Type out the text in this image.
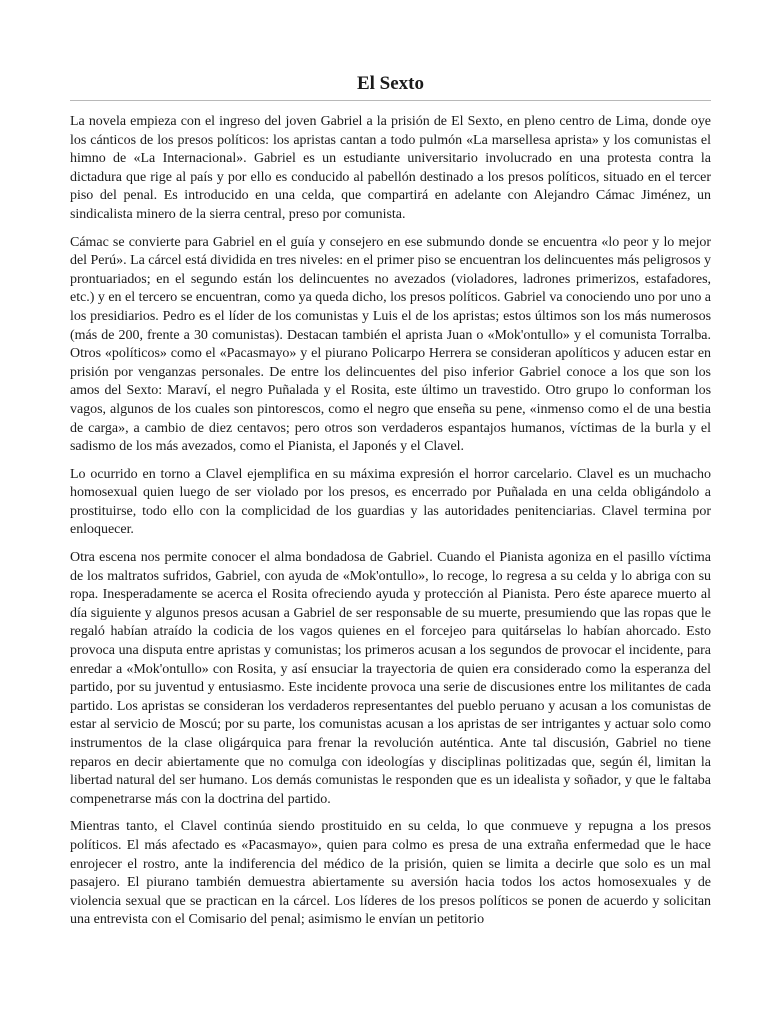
El Sexto

La novela empieza con el ingreso del joven Gabriel a la prisión de El Sexto, en pleno centro de Lima, donde oye los cánticos de los presos políticos: los apristas cantan a todo pulmón «La marsellesa aprista» y los comunistas el himno de «La Internacional». Gabriel es un estudiante universitario involucrado en una protesta contra la dictadura que rige al país y por ello es conducido al pabellón destinado a los presos políticos, situado en el tercer piso del penal. Es introducido en una celda, que compartirá en adelante con Alejandro Cámac Jiménez, un sindicalista minero de la sierra central, preso por comunista.

Cámac se convierte para Gabriel en el guía y consejero en ese submundo donde se encuentra «lo peor y lo mejor del Perú». La cárcel está dividida en tres niveles: en el primer piso se encuentran los delincuentes más peligrosos y prontuariados; en el segundo están los delincuentes no avezados (violadores, ladrones primerizos, estafadores, etc.) y en el tercero se encuentran, como ya queda dicho, los presos políticos. Gabriel va conociendo uno por uno a los presidiarios. Pedro es el líder de los comunistas y Luis el de los apristas; estos últimos son los más numerosos (más de 200, frente a 30 comunistas). Destacan también el aprista Juan o «Mok'ontullo» y el comunista Torralba. Otros «políticos» como el «Pacasmayo» y el piurano Policarpo Herrera se consideran apolíticos y aducen estar en prisión por venganzas personales. De entre los delincuentes del piso inferior Gabriel conoce a los que son los amos del Sexto: Maraví, el negro Puñalada y el Rosita, este último un travestido. Otro grupo lo conforman los vagos, algunos de los cuales son pintorescos, como el negro que enseña su pene, «inmenso como el de una bestia de carga», a cambio de diez centavos; pero otros son verdaderos espantajos humanos, víctimas de la burla y el sadismo de los más avezados, como el Pianista, el Japonés y el Clavel.

Lo ocurrido en torno a Clavel ejemplifica en su máxima expresión el horror carcelario. Clavel es un muchacho homosexual quien luego de ser violado por los presos, es encerrado por Puñalada en una celda obligándolo a prostituirse, todo ello con la complicidad de los guardias y las autoridades penitenciarias. Clavel termina por enloquecer.

Otra escena nos permite conocer el alma bondadosa de Gabriel. Cuando el Pianista agoniza en el pasillo víctima de los maltratos sufridos, Gabriel, con ayuda de «Mok'ontullo», lo recoge, lo regresa a su celda y lo abriga con su ropa. Inesperadamente se acerca el Rosita ofreciendo ayuda y protección al Pianista. Pero éste aparece muerto al día siguiente y algunos presos acusan a Gabriel de ser responsable de su muerte, presumiendo que las ropas que le regaló habían atraído la codicia de los vagos quienes en el forcejeo para quitárselas lo habían ahorcado. Esto provoca una disputa entre apristas y comunistas; los primeros acusan a los segundos de provocar el incidente, para enredar a «Mok'ontullo» con Rosita, y así ensuciar la trayectoria de quien era considerado como la esperanza del partido, por su juventud y entusiasmo. Este incidente provoca una serie de discusiones entre los militantes de cada partido. Los apristas se consideran los verdaderos representantes del pueblo peruano y acusan a los comunistas de estar al servicio de Moscú; por su parte, los comunistas acusan a los apristas de ser intrigantes y actuar solo como instrumentos de la clase oligárquica para frenar la revolución auténtica. Ante tal discusión, Gabriel no tiene reparos en decir abiertamente que no comulga con ideologías y disciplinas politizadas que, según él, limitan la libertad natural del ser humano. Los demás comunistas le responden que es un idealista y soñador, y que le faltaba compenetrarse más con la doctrina del partido.

Mientras tanto, el Clavel continúa siendo prostituido en su celda, lo que conmueve y repugna a los presos políticos. El más afectado es «Pacasmayo», quien para colmo es presa de una extraña enfermedad que le hace enrojecer el rostro, ante la indiferencia del médico de la prisión, quien se limita a decirle que solo es un mal pasajero. El piurano también demuestra abiertamente su aversión hacia todos los actos homosexuales y de violencia sexual que se practican en la cárcel. Los líderes de los presos políticos se ponen de acuerdo y solicitan una entrevista con el Comisario del penal; asimismo le envían un petitorio
